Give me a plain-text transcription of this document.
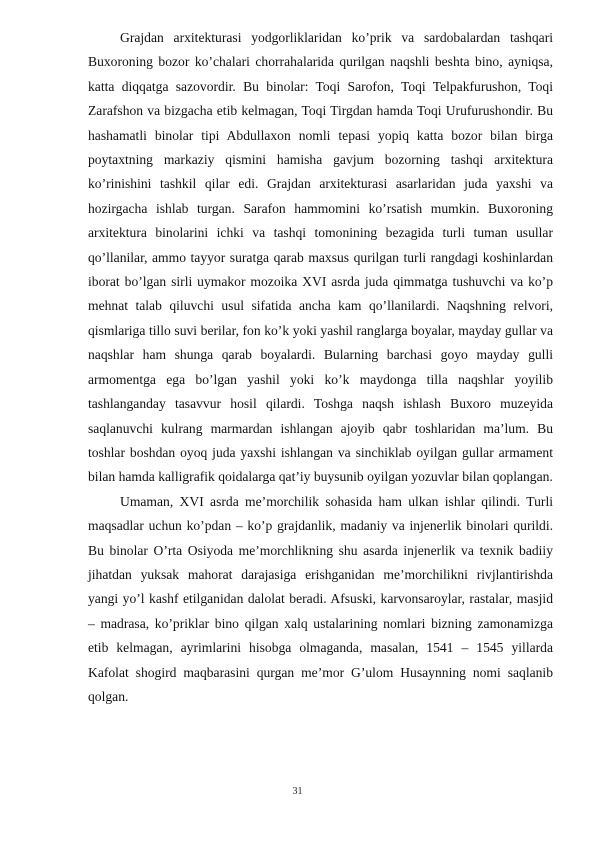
Grajdan arxitekturasi yodgorliklaridan ko’prik va sardobalardan tashqari Buxoroning bozor ko’chalari chorrahalarida qurilgan naqshli beshta bino, ayniqsa, katta diqqatga sazovordir. Bu binolar: Toqi Sarofon, Toqi Telpakfurushon, Toqi Zarafshon va bizgacha etib kelmagan, Toqi Tirgdan hamda Toqi Urufurushondir. Bu hashamatli binolar tipi Abdullaxon nomli tepasi yopiq katta bozor bilan birga poytaxtning markaziy qismini hamisha gavjum bozorning tashqi arxitektura ko’rinishini tashkil qilar edi. Grajdan arxitekturasi asarlaridan juda yaxshi va hozirgacha ishlab turgan. Sarafon hammomini ko’rsatish mumkin. Buxoroning arxitektura binolarini ichki va tashqi tomonining bezagida turli tuman usullar qo’llanilar, ammo tayyor suratga qarab maxsus qurilgan turli rangdagi koshinlardan iborat bo’lgan sirli uymakor mozoika XVI asrda juda qimmatga tushuvchi va ko’p mehnat talab qiluvchi usul sifatida ancha kam qo’llanilardi. Naqshning relvori, qismlariga tillo suvi berilar, fon ko’k yoki yashil ranglarga boyalar, mayday gullar va naqshlar ham shunga qarab boyalardi. Bularning barchasi goyo mayday gulli armomentga ega bo’lgan yashil yoki ko’k maydonga tilla naqshlar yoyilib tashlanganday tasavvur hosil qilardi. Toshga naqsh ishlash Buxoro muzeyida saqlanuvchi kulrang marmardan ishlangan ajoyib qabr toshlaridan ma’lum. Bu toshlar boshdan oyoq juda yaxshi ishlangan va sinchiklab oyilgan gullar armament bilan hamda kalligrafik qoidalarga qat’iy buysunib oyilgan yozuvlar bilan qoplangan.

Umaman, XVI asrda me’morchilik sohasida ham ulkan ishlar qilindi. Turli maqsadlar uchun ko’pdan – ko’p grajdanlik, madaniy va injenerlik binolari qurildi. Bu binolar O’rta Osiyoda me’morchlikning shu asarda injenerlik va texnik badiiy jihatdan yuksak mahorat darajasiga erishganidan me’morchilikni rivjlantirishda yangi yo’l kashf etilganidan dalolat beradi. Afsuski, karvonsaroylar, rastalar, masjid – madrasa, ko’priklar bino qilgan xalq ustalarining nomlari bizning zamonamizga etib kelmagan, ayrimlarini hisobga olmaganda, masalan, 1541 – 1545 yillarda Kafolat shogird maqbarasini qurgan me’mor G’ulom Husaynning nomi saqlanib qolgan.

31
